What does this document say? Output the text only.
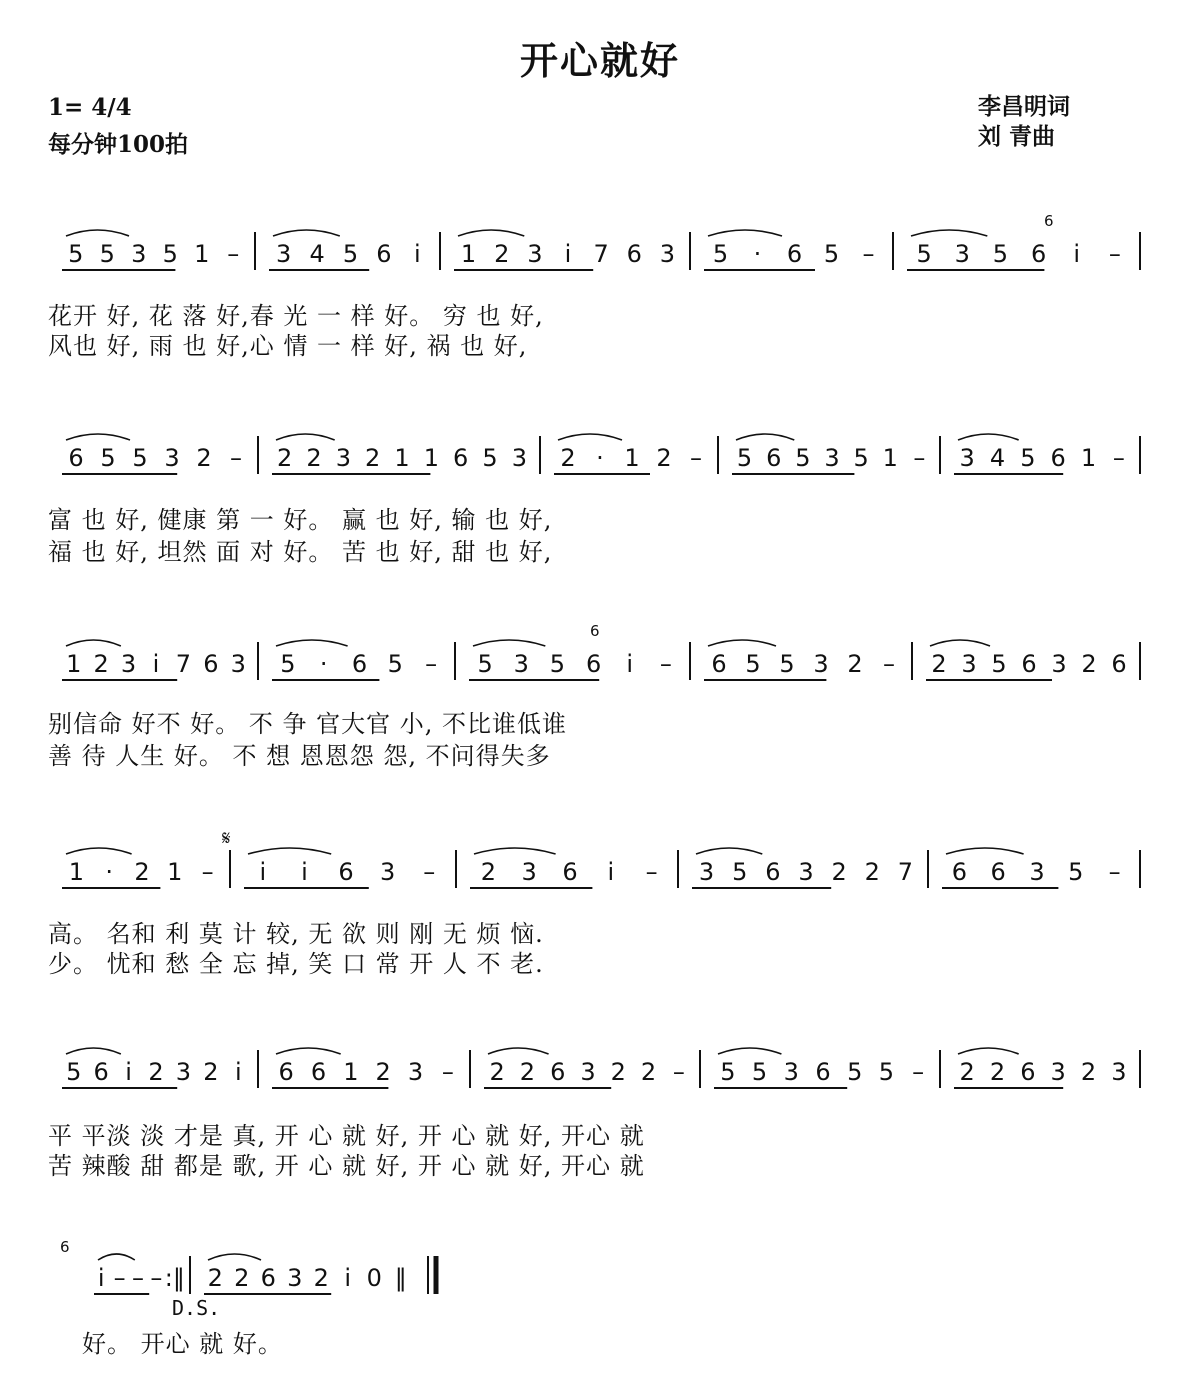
开心就好
1= 4/4
每分钟100拍
李昌明词
刘 青曲
花开 好, 花 落 好,春 光 一 样 好。 穷 也 好,
风也 好, 雨 也 好,心 情 一 样 好, 祸 也 好,
富 也 好, 健康 第 一 好。 赢 也 好, 输 也 好,
福 也 好, 坦然 面 对 好。 苦 也 好, 甜 也 好,
别信命 好不 好。 不 争 官大官 小, 不比谁低谁
善 待 人生 好。 不 想 恩恩怨 怨, 不问得失多
高。 名和 利 莫 计 较, 无 欲 则 刚 无 烦 恼.
少。 忧和 愁 全 忘 掉, 笑 口 常 开 人 不 老.
平 平淡 淡 才是 真, 开 心 就 好, 开 心 就 好, 开心 就
苦 辣酸 甜 都是 歌, 开 心 就 好, 开 心 就 好, 开心 就
好。 开心 就 好。
D.S.
𝄋
5 5 3 5 1 – 3 4 5 6 i 1 2 3 i 7 6 3 5 · 6 5 – 5 3 5 6 i –
6 5 5 3 2 – 2 2 3 2 1 1 6 5 3 2 · 1 2 – 5 6 5 3 5 1 – 3 4 5 6 1 –
1 2 3 i 7 6 3 5 · 6 5 – 5 3 5 6 i – 6 5 5 3 2 – 2 3 5 6 3 2 6
1 · 2 1 – i i 6 3 – 2 3 6 i – 3 5 6 3 2 2 7 6 6 3 5 –
5 6 i 2 3 2 i 6 6 1 2 3 – 2 2 6 3 2 2 – 5 5 3 6 5 5 – 2 2 6 3 2 3
i – – – :‖ 2 2 6 3 2 i 0 ‖
6
6
6
